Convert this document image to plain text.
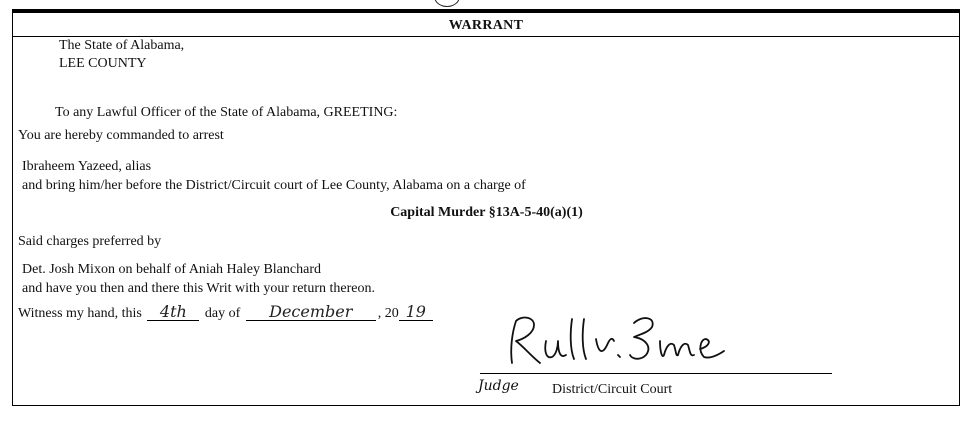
WARRANT
The State of Alabama,
LEE COUNTY
To any Lawful Officer of the State of Alabama, GREETING:
You are hereby commanded to arrest
Ibraheem Yazeed, alias
and bring him/her before the District/Circuit court of Lee County, Alabama on a charge of
Capital Murder §13A-5-40(a)(1)
Said charges preferred by
Det. Josh Mixon on behalf of Aniah Haley Blanchard
and have you then and there this Writ with your return thereon.
Witness my hand, this 4th day of December , 20 19
Judge District/Circuit Court
